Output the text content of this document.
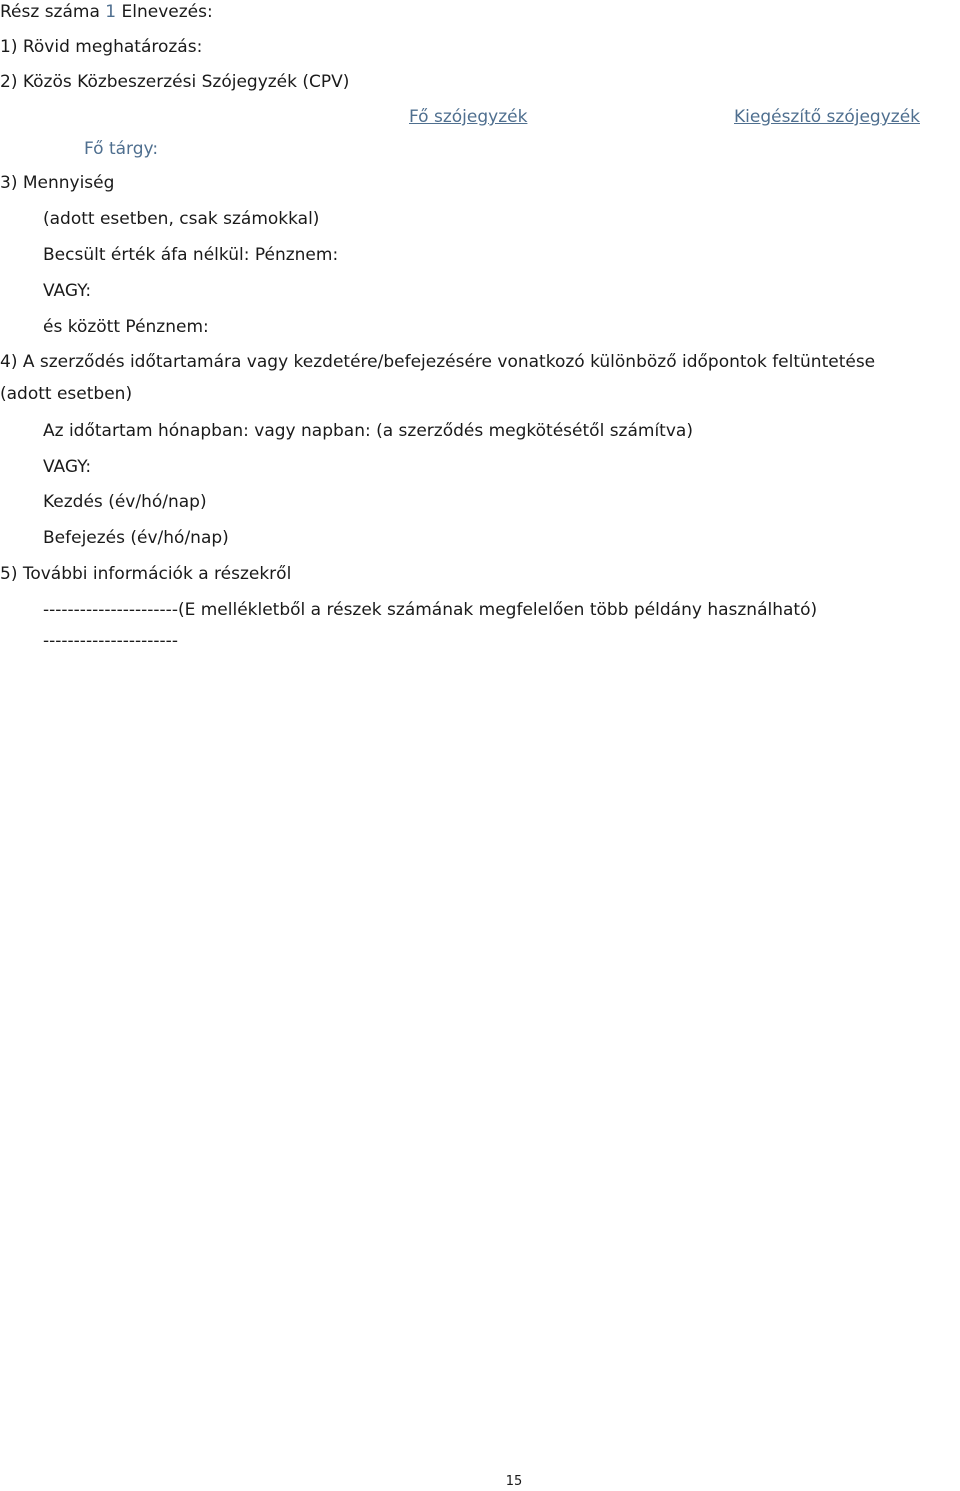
Rész száma 1 Elnevezés:
1) Rövid meghatározás:
2) Közös Közbeszerzési Szójegyzék (CPV)
Fő szójegyzék	Kiegészítő szójegyzék
Fő tárgy:
3) Mennyiség
(adott esetben, csak számokkal)
Becsült érték áfa nélkül: Pénznem:
VAGY:
és között Pénznem:
4) A szerződés időtartamára vagy kezdetére/befejezésére vonatkozó különböző időpontok feltüntetése
(adott esetben)
Az időtartam hónapban: vagy napban: (a szerződés megkötésétől számítva)
VAGY:
Kezdés (év/hó/nap)
Befejezés (év/hó/nap)
5) További információk a részekről
----------------------(E mellékletből a részek számának megfelelően több példány használható)
----------------------
15
